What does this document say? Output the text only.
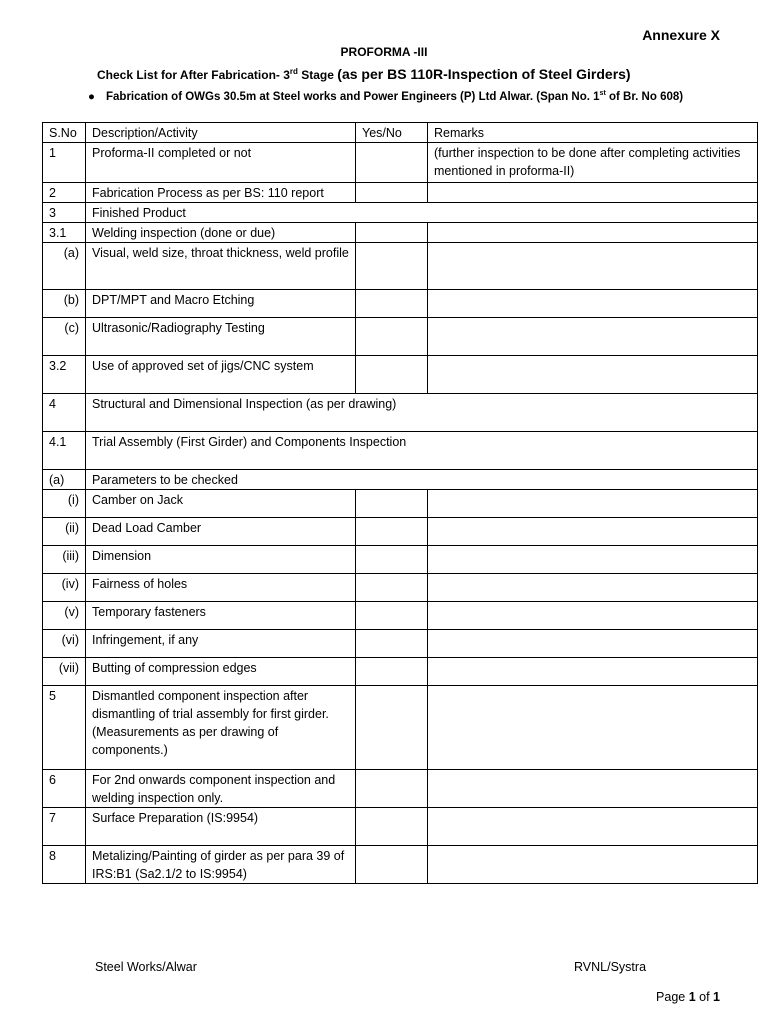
Annexure X
PROFORMA -III
Check List for After Fabrication- 3rd Stage (as per BS 110R-Inspection of Steel Girders)
● Fabrication of OWGs 30.5m at Steel works and Power Engineers (P) Ltd Alwar. (Span No. 1st of Br. No 608)
S.No	Description/Activity	Yes/No	Remarks
1	Proforma-II completed or not		(further inspection to be done after completing activities mentioned in proforma-II)
2	Fabrication Process as per BS: 110 report		
3	Finished Product		
3.1	Welding inspection (done or due)		
(a)	Visual, weld size, throat thickness, weld profile		
(b)	DPT/MPT and Macro Etching		
(c)	Ultrasonic/Radiography Testing		
3.2	Use of approved set of jigs/CNC system		
4	Structural and Dimensional Inspection (as per drawing)		
4.1	Trial Assembly (First Girder) and Components Inspection		
(a)	Parameters to be checked		
(i)	Camber on Jack		
(ii)	Dead Load Camber		
(iii)	Dimension		
(iv)	Fairness of holes		
(v)	Temporary fasteners		
(vi)	Infringement, if any		
(vii)	Butting of compression edges		
5	Dismantled component inspection after dismantling of trial assembly for first girder. (Measurements as per drawing of components.)		
6	For 2nd onwards component inspection and welding inspection only.		
7	Surface Preparation (IS:9954)		
8	Metalizing/Painting of girder as per para 39 of IRS:B1 (Sa2.1/2 to IS:9954)		
Steel Works/Alwar	RVNL/Systra
Page 1 of 1
